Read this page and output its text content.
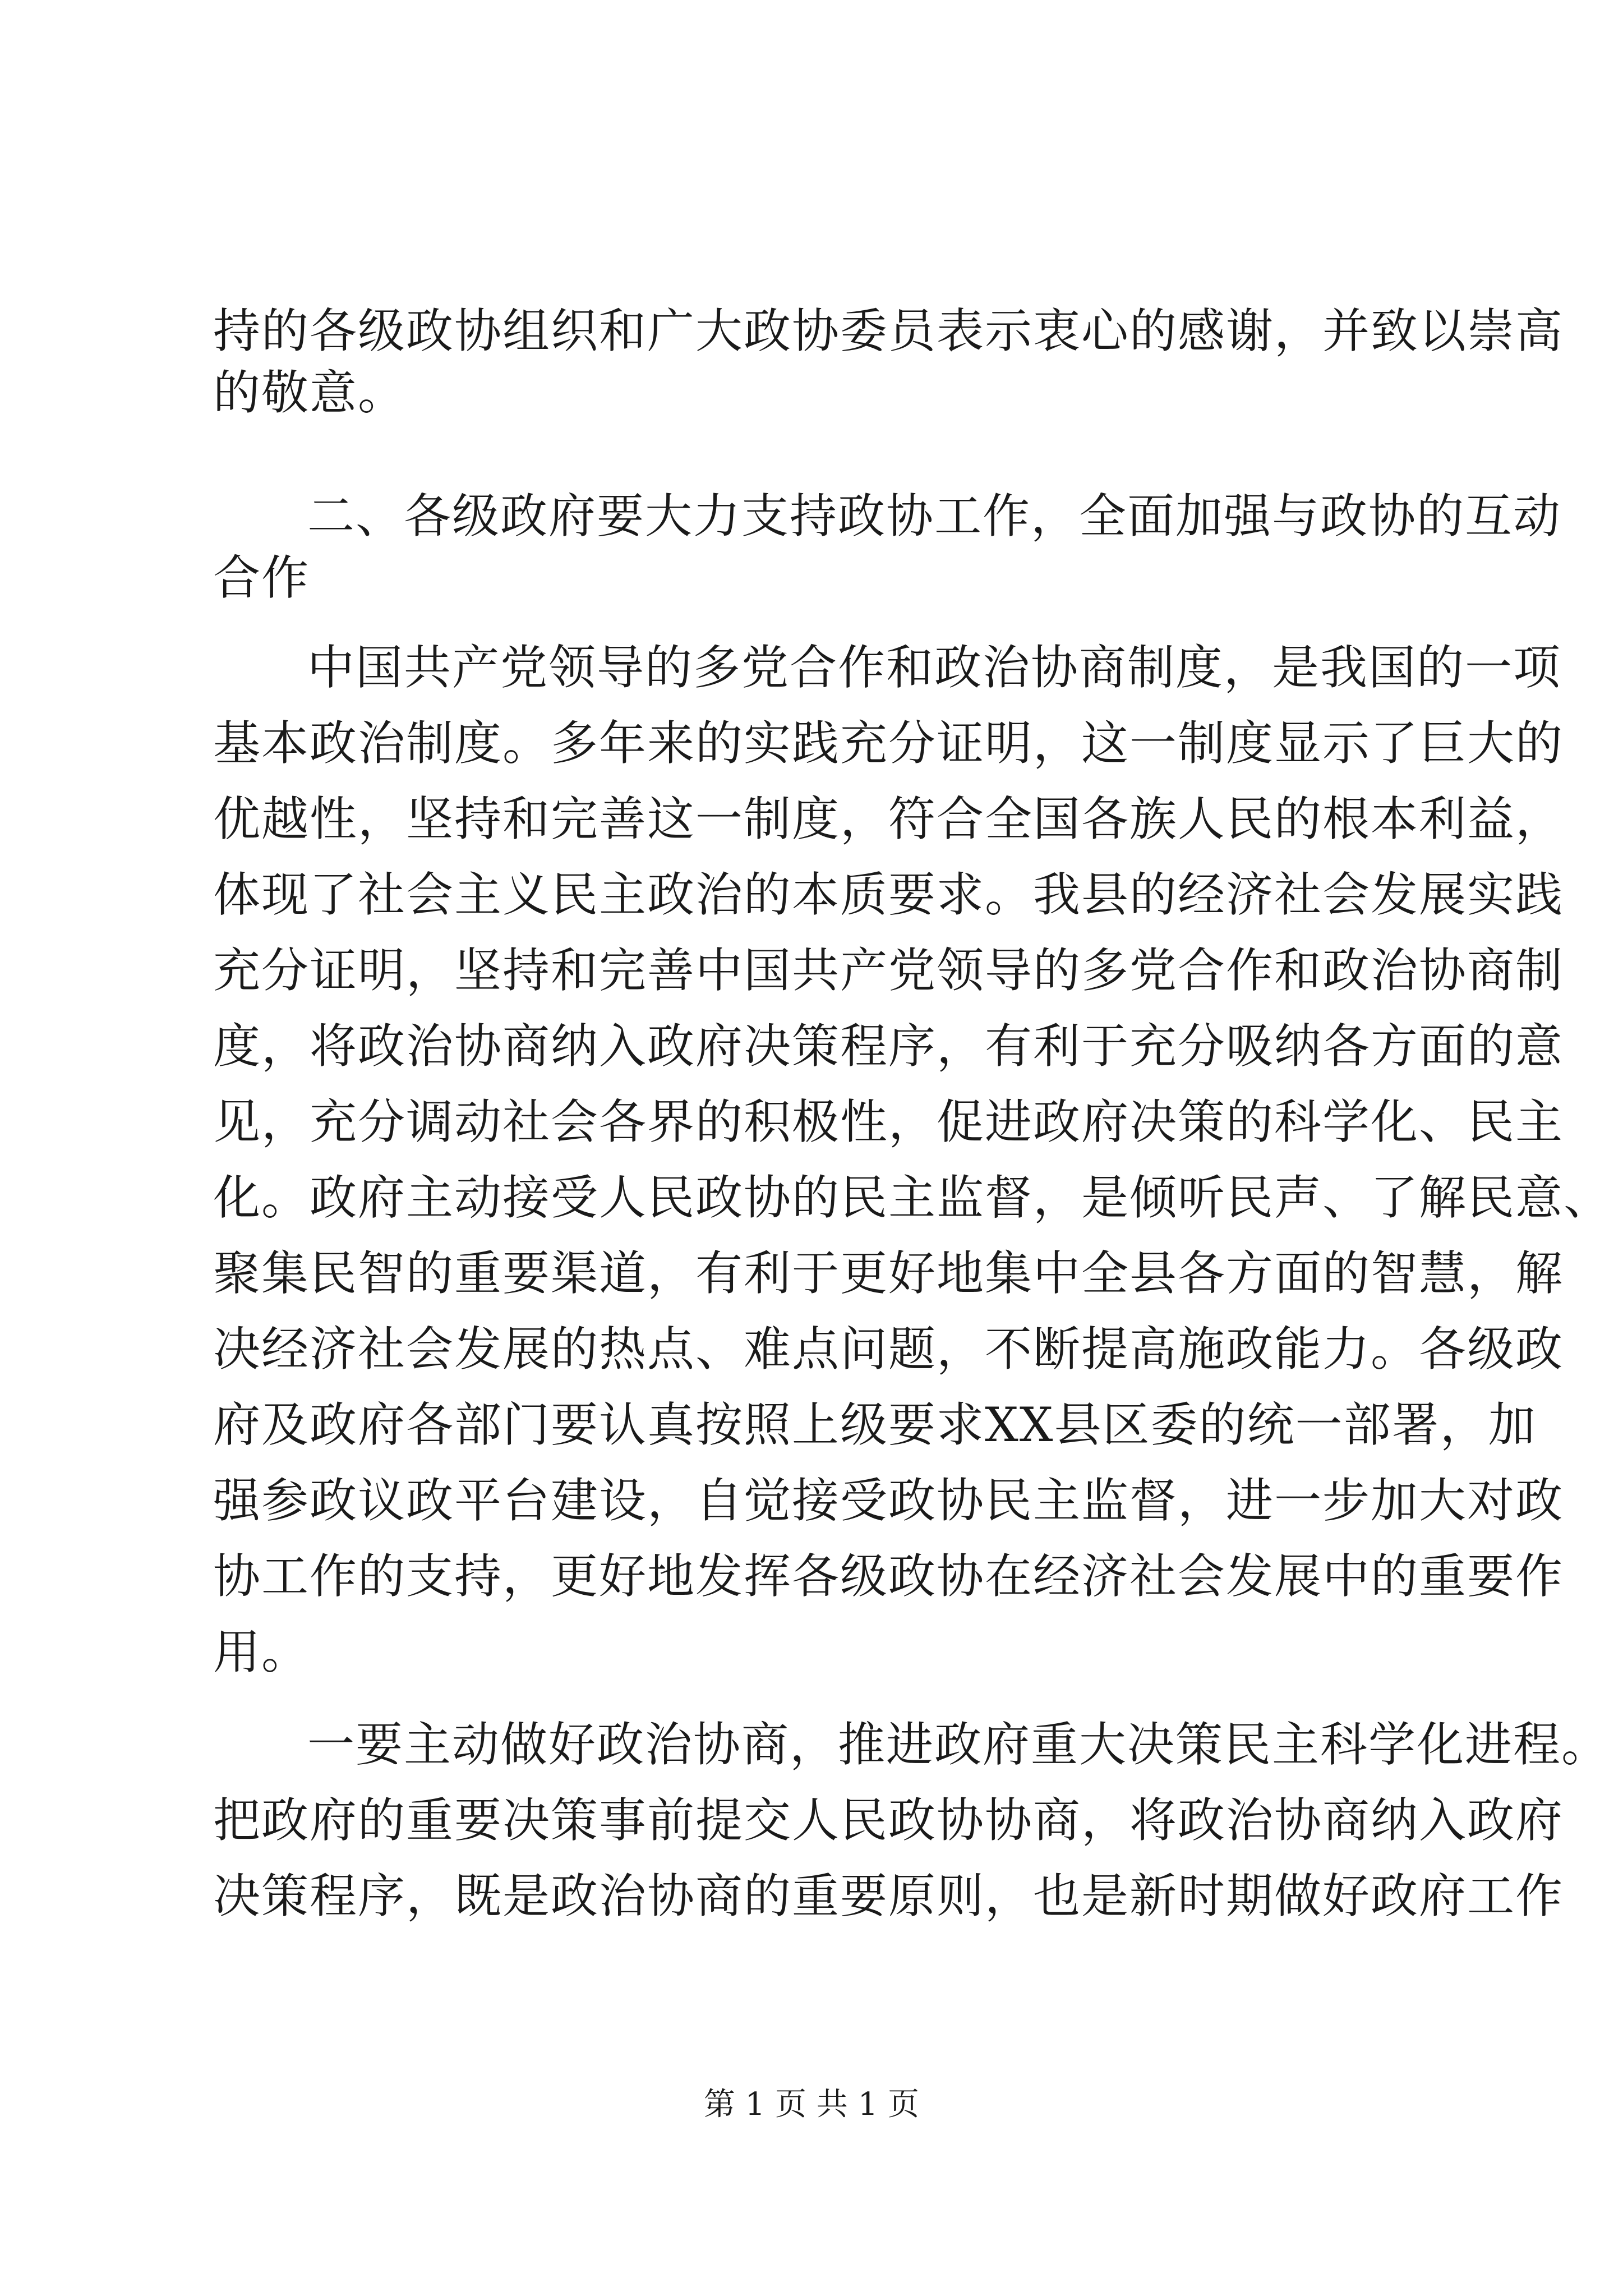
持的各级政协组织和广大政协委员表示衷心的感谢，并致以崇高
的敬意。
二、各级政府要大力支持政协工作，全面加强与政协的互动
合作
中国共产党领导的多党合作和政治协商制度，是我国的一项
基本政治制度。多年来的实践充分证明，这一制度显示了巨大的
优越性，坚持和完善这一制度，符合全国各族人民的根本利益，
体现了社会主义民主政治的本质要求。我县的经济社会发展实践
充分证明，坚持和完善中国共产党领导的多党合作和政治协商制
度，将政治协商纳入政府决策程序，有利于充分吸纳各方面的意
见，充分调动社会各界的积极性，促进政府决策的科学化、民主
化。政府主动接受人民政协的民主监督，是倾听民声、了解民意、
聚集民智的重要渠道，有利于更好地集中全县各方面的智慧，解
决经济社会发展的热点、难点问题，不断提高施政能力。各级政
府及政府各部门要认真按照上级要求XX县区委的统一部署，加
强参政议政平台建设，自觉接受政协民主监督，进一步加大对政
协工作的支持，更好地发挥各级政协在经济社会发展中的重要作
用。
一要主动做好政治协商，推进政府重大决策民主科学化进程。
把政府的重要决策事前提交人民政协协商，将政治协商纳入政府
决策程序，既是政治协商的重要原则，也是新时期做好政府工作
第 1 页 共 1 页
